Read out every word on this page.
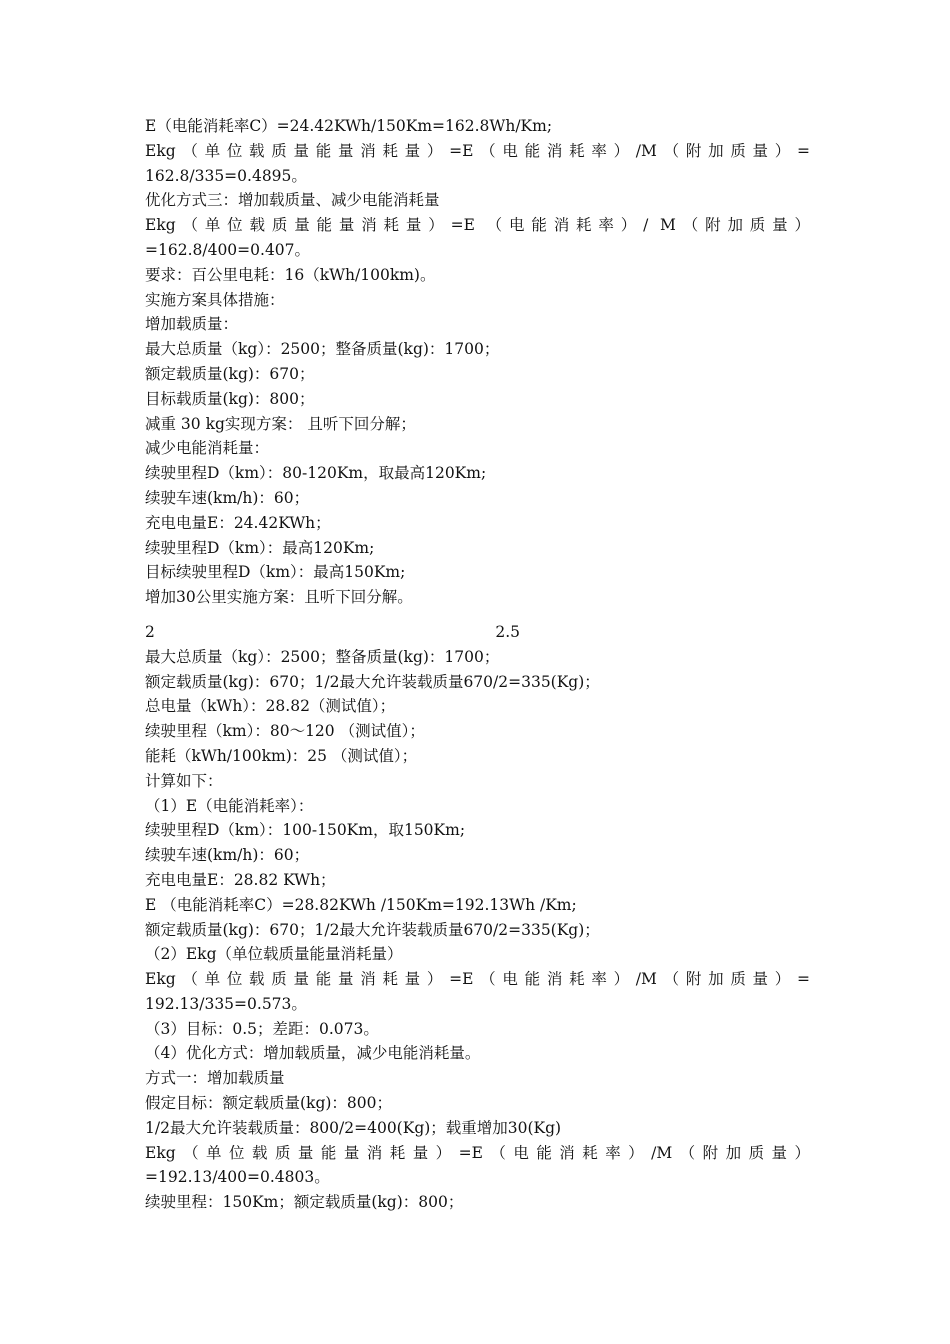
E（电能消耗率C）=24.42KWh/150Km=162.8Wh/Km;
Ekg（单位载质量能量消耗量）=E（电能消耗率）/M（附加质量）=
162.8/335=0.4895。
优化方式三：增加载质量、减少电能消耗量
Ekg（单位载质量能量消耗量）=E （电能消耗率）/ M（附加质量）
=162.8/400=0.407。
要求：百公里电耗：16（kWh/100km)。
实施方案具体措施：
增加载质量：
最大总质量（kg）：2500；整备质量(kg)：1700；
额定载质量(kg)：670；
目标载质量(kg)：800；
减重 30 kg实现方案： 且听下回分解；
减少电能消耗量：
续驶里程D（km）：80-120Km，取最高120Km;
续驶车速(km/h)：60；
充电电量E：24.42KWh；
续驶里程D（km）：最高120Km;
目标续驶里程D（km）：最高150Km;
增加30公里实施方案：且听下回分解。
2	2.5
最大总质量（kg）：2500；整备质量(kg)：1700；
额定载质量(kg)：670；1/2最大允许装载质量670/2=335(Kg)；
总电量（kWh）：28.82（测试值）；
续驶里程（km）：80～120 （测试值）；
能耗（kWh/100km)：25 （测试值）；
计算如下：
（1）E（电能消耗率）：
续驶里程D（km）：100-150Km，取150Km;
续驶车速(km/h)：60；
充电电量E：28.82 KWh；
E （电能消耗率C）=28.82KWh /150Km=192.13Wh /Km;
额定载质量(kg)：670；1/2最大允许装载质量670/2=335(Kg)；
（2）Ekg（单位载质量能量消耗量）
Ekg（单位载质量能量消耗量）=E（电能消耗率）/M（附加质量）=
192.13/335=0.573。
（3）目标：0.5；差距：0.073。
（4）优化方式：增加载质量，减少电能消耗量。
方式一：增加载质量
假定目标：额定载质量(kg)：800；
1/2最大允许装载质量：800/2=400(Kg)；载重增加30(Kg)
Ekg（单位载质量能量消耗量）=E（电能消耗率）/M（附加质量）
=192.13/400=0.4803。
续驶里程：150Km；额定载质量(kg)：800；
